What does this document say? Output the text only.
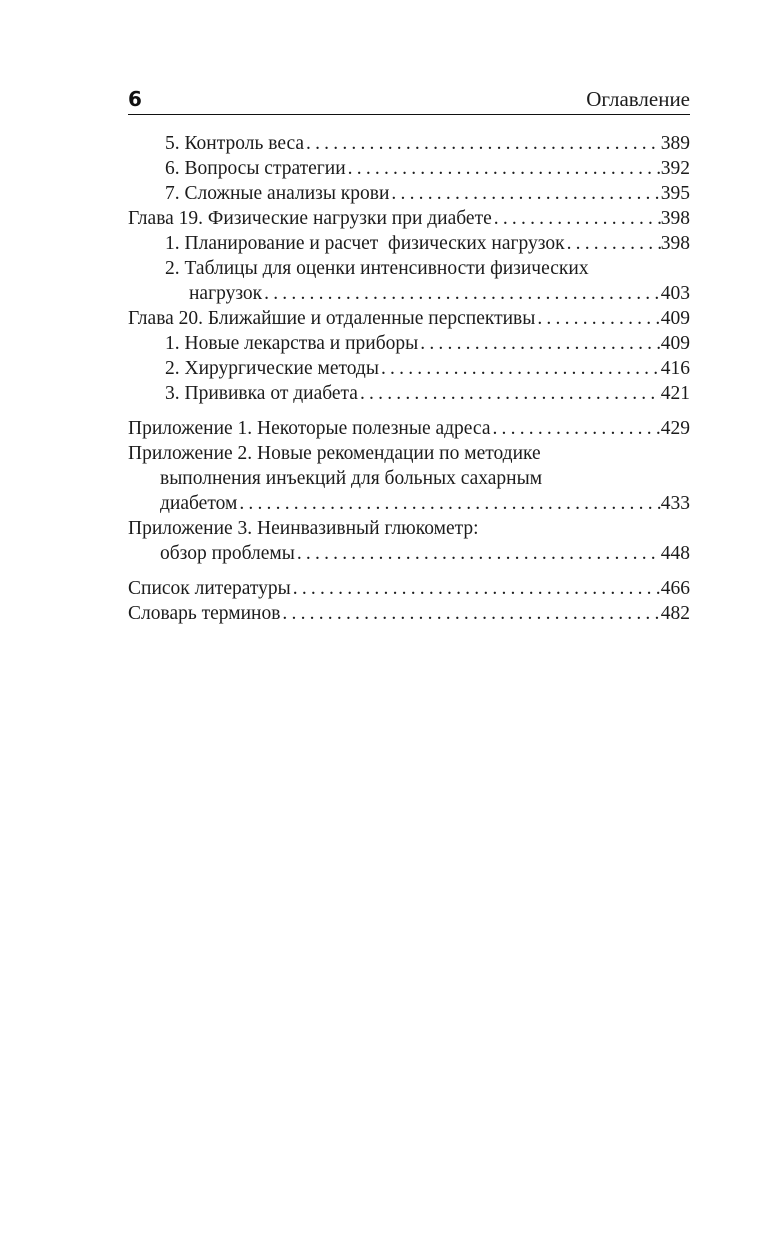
6	Оглавление
5. Контроль веса .....	389
6. Вопросы стратегии .....	392
7. Сложные анализы крови .....	395
Глава 19. Физические нагрузки при диабете .....	398
1. Планирование и расчет  физических нагрузок .....	398
2. Таблицы для оценки интенсивности физических
нагрузок .....	403
Глава 20. Ближайшие и отдаленные перспективы .....	409
1. Новые лекарства и приборы .....	409
2. Хирургические методы .....	416
3. Прививка от диабета .....	421
Приложение 1. Некоторые полезные адреса .....	429
Приложение 2. Новые рекомендации по методике
выполнения инъекций для больных сахарным
диабетом .....	433
Приложение 3. Неинвазивный глюкометр:
обзор проблемы .....	448
Список литературы .....	466
Словарь терминов .....	482
